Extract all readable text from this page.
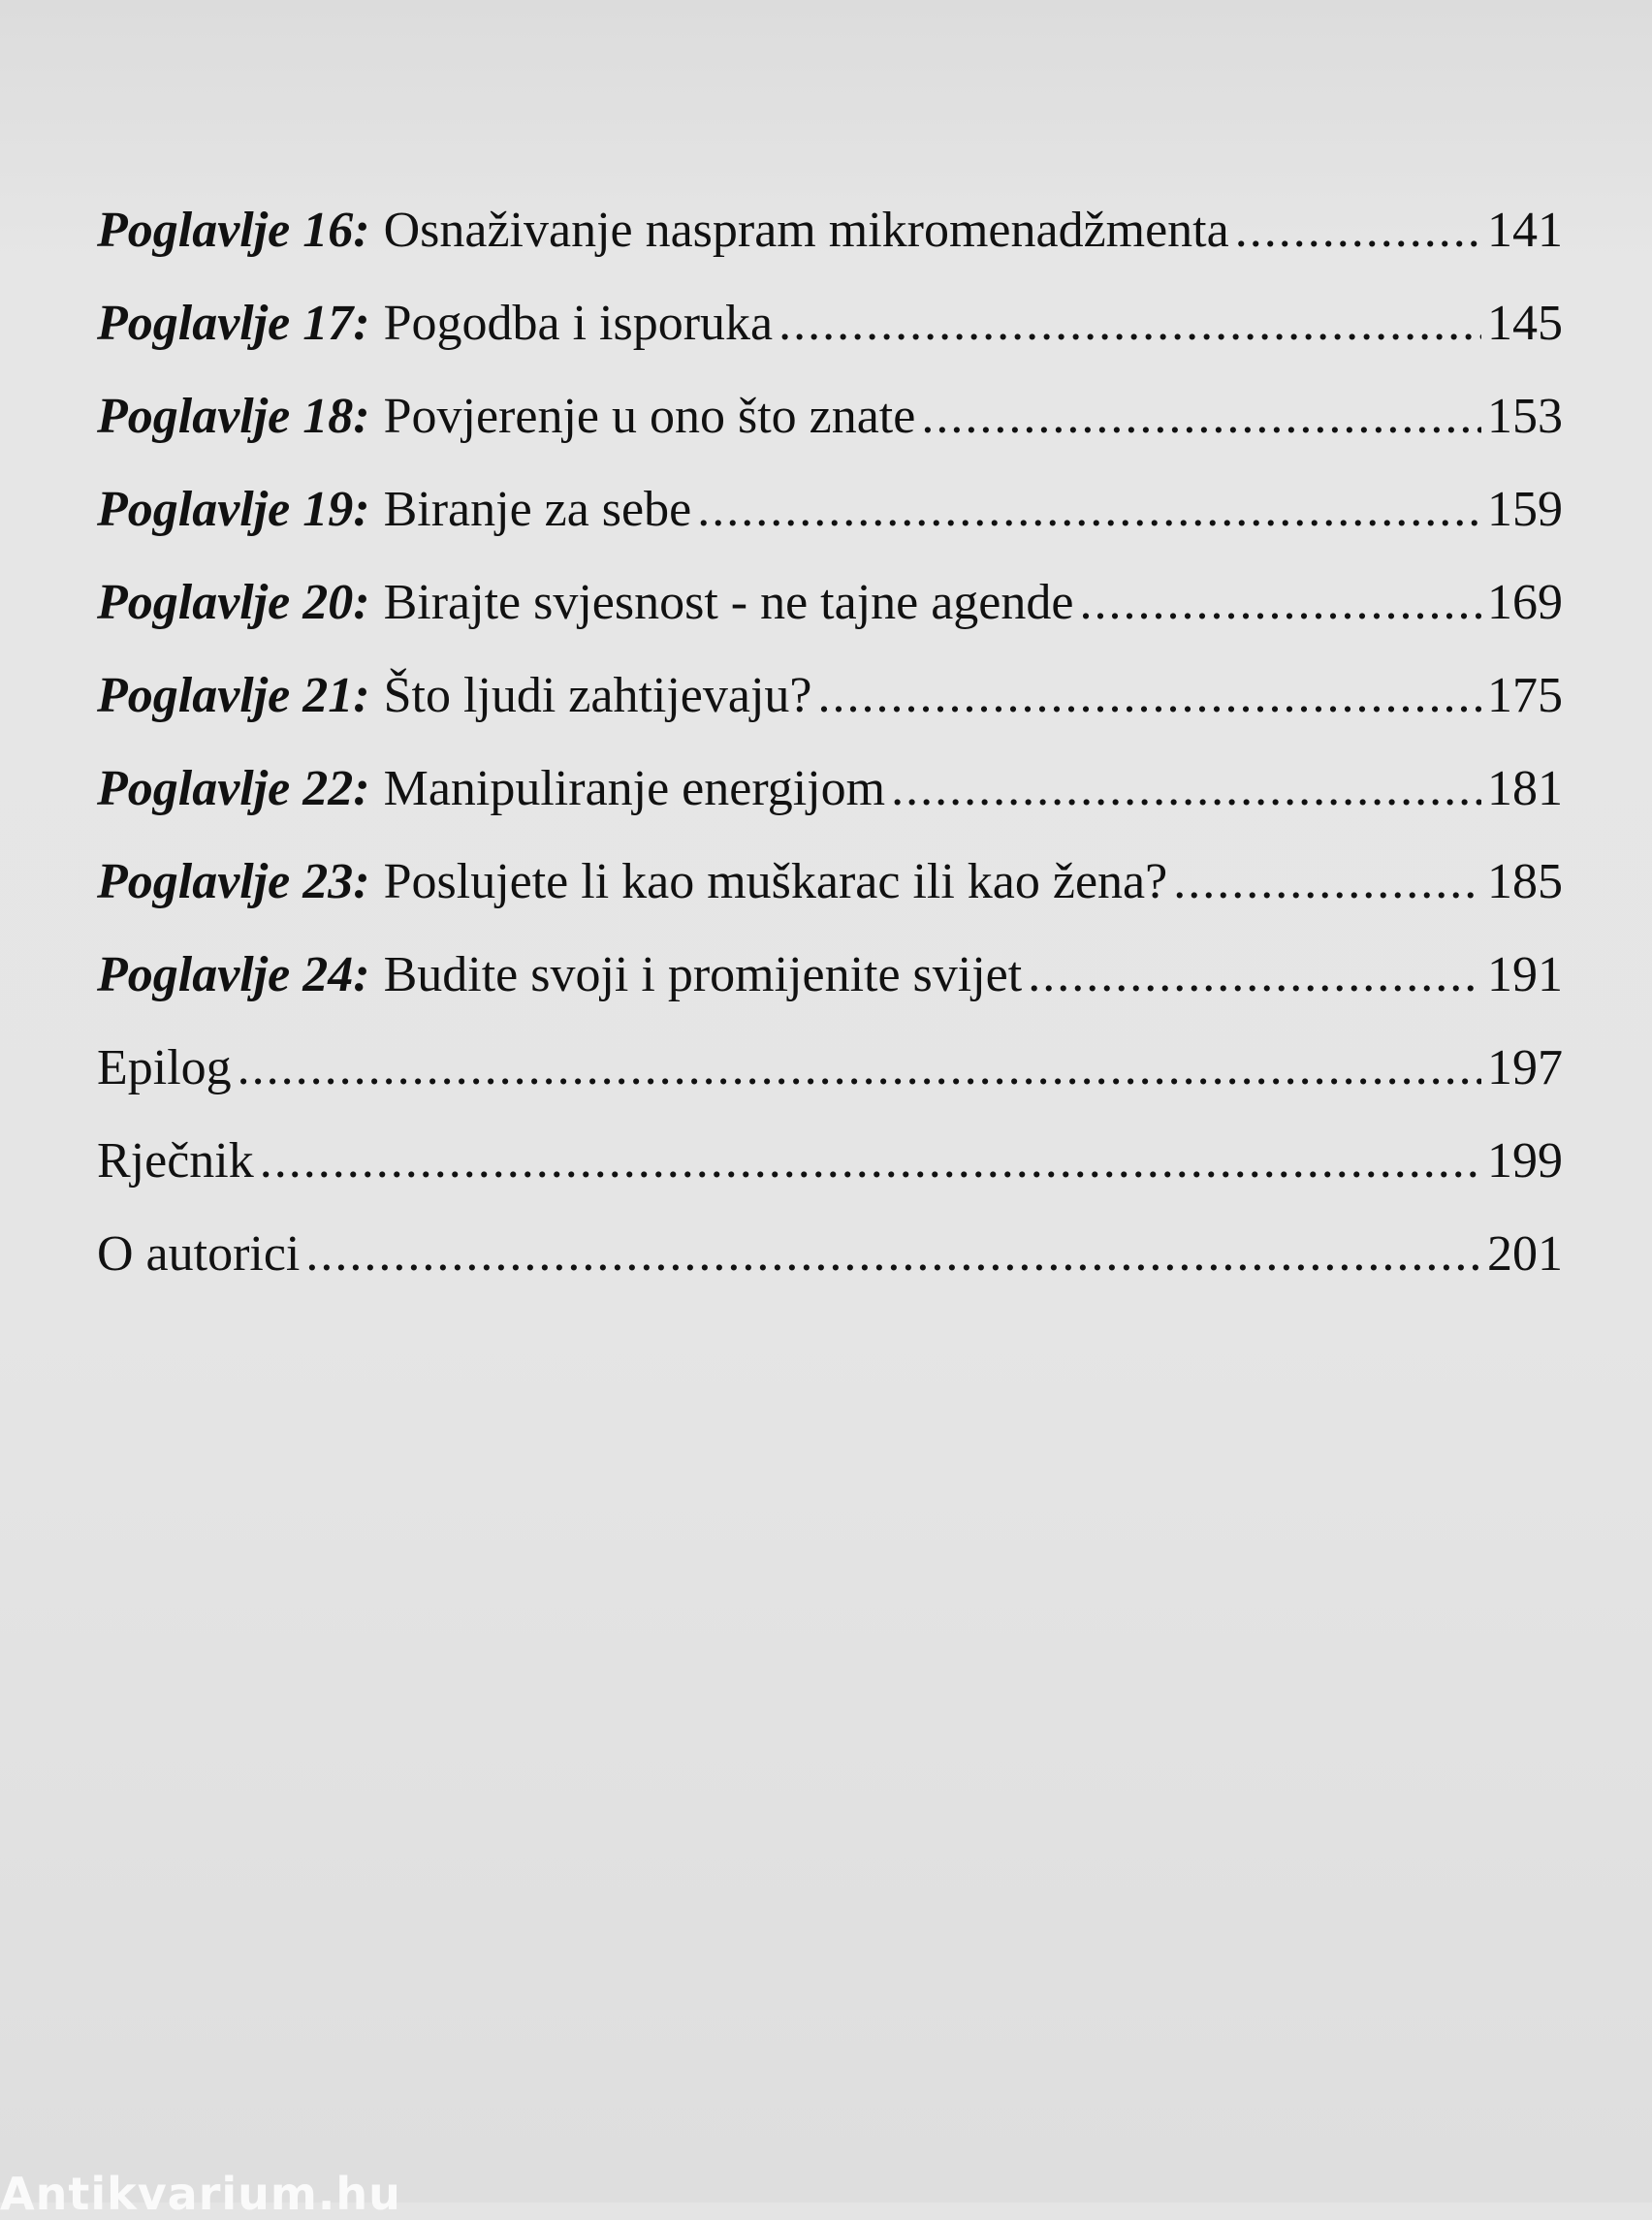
Poglavlje 16: Osnaživanje naspram mikromenadžmenta .....	141
Poglavlje 17: Pogodba i isporuka .....	145
Poglavlje 18: Povjerenje u ono što znate .....	153
Poglavlje 19: Biranje za sebe .....	159
Poglavlje 20: Birajte svjesnost - ne tajne agende .....	169
Poglavlje 21: Što ljudi zahtijevaju? .....	175
Poglavlje 22: Manipuliranje energijom .....	181
Poglavlje 23: Poslujete li kao muškarac ili kao žena? .....	185
Poglavlje 24: Budite svoji i promijenite svijet .....	191
Epilog .....	197
Rječnik .....	199
O autorici .....	201
Antikvarium.hu
